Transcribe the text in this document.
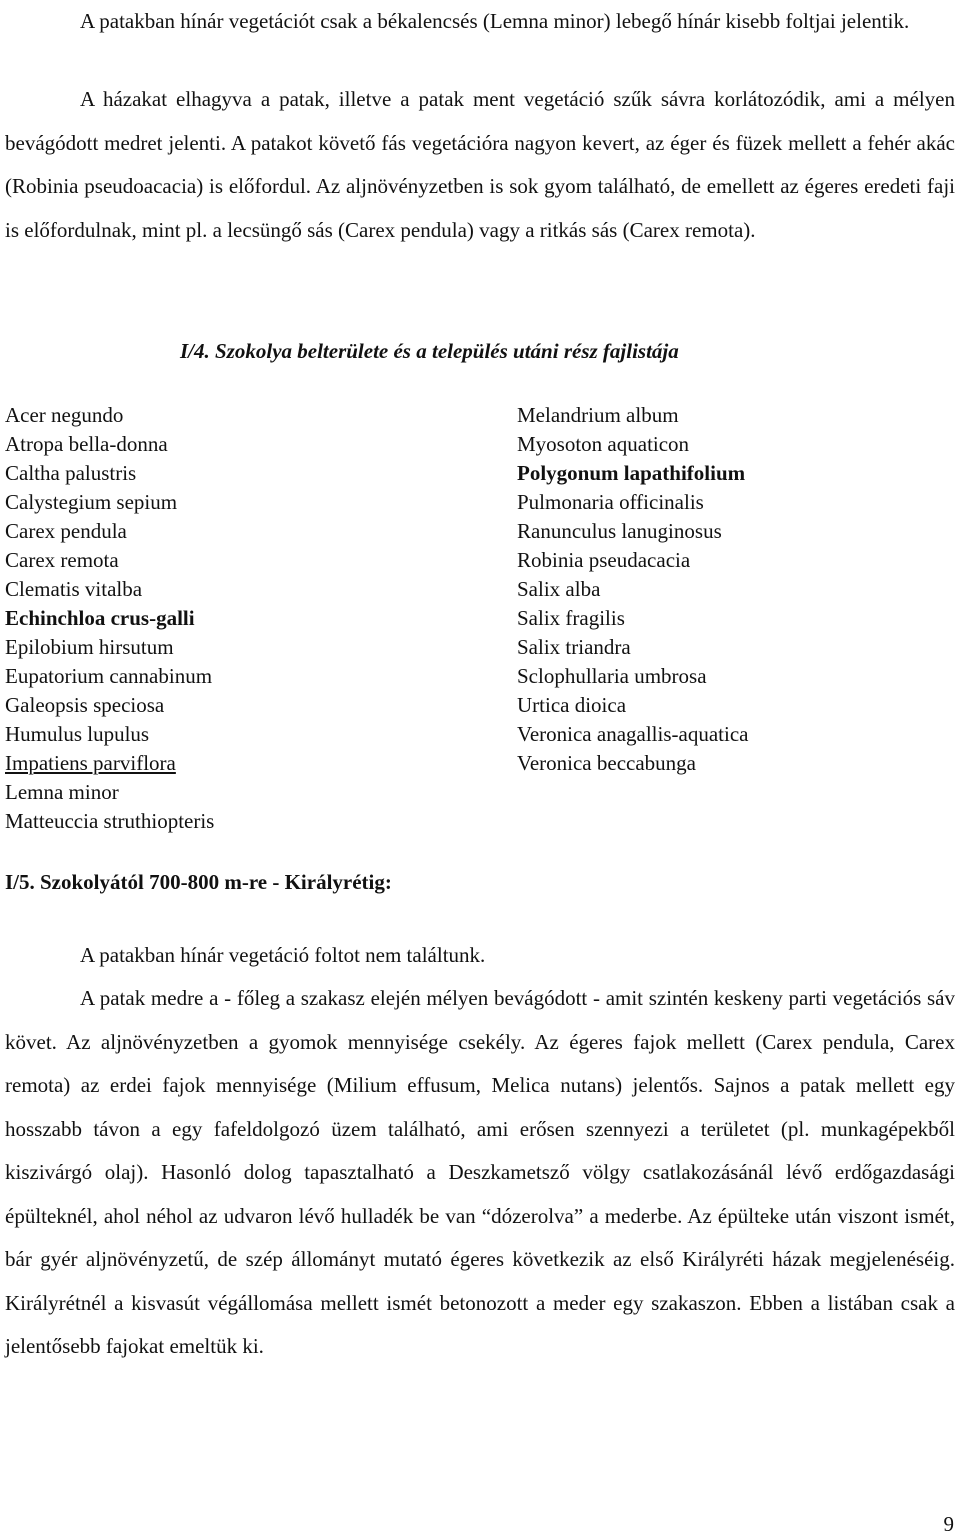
A patakban hínár vegetációt csak a békalencsés (Lemna minor) lebegő hínár kisebb foltjai jelentik.

A házakat elhagyva a patak, illetve a patak ment vegetáció szűk sávra korlátozódik, ami a mélyen bevágódott medret jelenti. A patakot követő fás vegetációra nagyon kevert, az éger és füzek mellett a fehér akác (Robinia pseudoacacia) is előfordul. Az aljnövényzetben is sok gyom található, de emellett az égeres eredeti faji is előfordulnak, mint pl. a lecsüngő sás (Carex pendula) vagy a ritkás sás (Carex remota).

I/4. Szokolya belterülete és a település utáni rész fajlistája

Acer negundo
Atropa bella-donna
Caltha palustris
Calystegium sepium
Carex pendula
Carex remota
Clematis vitalba
Echinchloa crus-galli
Epilobium hirsutum
Eupatorium cannabinum
Galeopsis speciosa
Humulus lupulus
Impatiens parviflora
Lemna minor
Matteuccia struthiopteris
Melandrium album
Myosoton aquaticon
Polygonum lapathifolium
Pulmonaria officinalis
Ranunculus lanuginosus
Robinia pseudacacia
Salix alba
Salix fragilis
Salix triandra
Sclophullaria umbrosa
Urtica dioica
Veronica anagallis-aquatica
Veronica beccabunga

I/5. Szokolyától 700-800 m-re - Királyrétig:

A patakban hínár vegetáció foltot nem találtunk.

A patak medre a - főleg a szakasz elején mélyen bevágódott - amit szintén keskeny parti vegetációs sáv követ. Az aljnövényzetben a gyomok mennyisége csekély. Az égeres fajok mellett (Carex pendula, Carex remota) az erdei fajok mennyisége (Milium effusum, Melica nutans) jelentős. Sajnos a patak mellett egy hosszabb távon a egy fafeldolgozó üzem található, ami erősen szennyezi a területet (pl. munkagépekből kiszivárgó olaj). Hasonló dolog tapasztalható a Deszkametsző völgy csatlakozásánál lévő erdőgazdasági épülteknél, ahol néhol az udvaron lévő hulladék be van “dózerolva” a mederbe. Az épülteke után viszont ismét, bár gyér aljnövényzetű, de szép állományt mutató égeres következik az első Királyréti házak megjelenéséig. Királyrétnél a kisvasút végállomása mellett ismét betonozott a meder egy szakaszon. Ebben a listában csak a jelentősebb fajokat emeltük ki.

9
